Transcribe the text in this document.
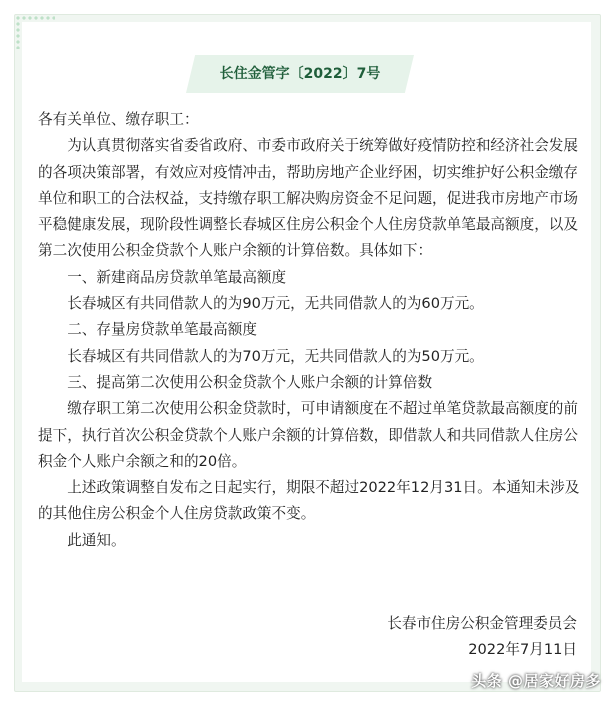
长住金管字〔2022〕7号

各有关单位、缴存职工：

为认真贯彻落实省委省政府、市委市政府关于统筹做好疫情防控和经济社会发展的各项决策部署，有效应对疫情冲击，帮助房地产企业纾困，切实维护好公积金缴存单位和职工的合法权益，支持缴存职工解决购房资金不足问题，促进我市房地产市场平稳健康发展，现阶段性调整长春城区住房公积金个人住房贷款单笔最高额度，以及第二次使用公积金贷款个人账户余额的计算倍数。具体如下：

一、新建商品房贷款单笔最高额度

长春城区有共同借款人的为90万元，无共同借款人的为60万元。

二、存量房贷款单笔最高额度

长春城区有共同借款人的为70万元，无共同借款人的为50万元。

三、提高第二次使用公积金贷款个人账户余额的计算倍数

缴存职工第二次使用公积金贷款时，可申请额度在不超过单笔贷款最高额度的前提下，执行首次公积金贷款个人账户余额的计算倍数，即借款人和共同借款人住房公积金个人账户余额之和的20倍。

上述政策调整自发布之日起实行，期限不超过2022年12月31日。本通知未涉及的其他住房公积金个人住房贷款政策不变。

此通知。

长春市住房公积金管理委员会
2022年7月11日
头条 @居家好房多
